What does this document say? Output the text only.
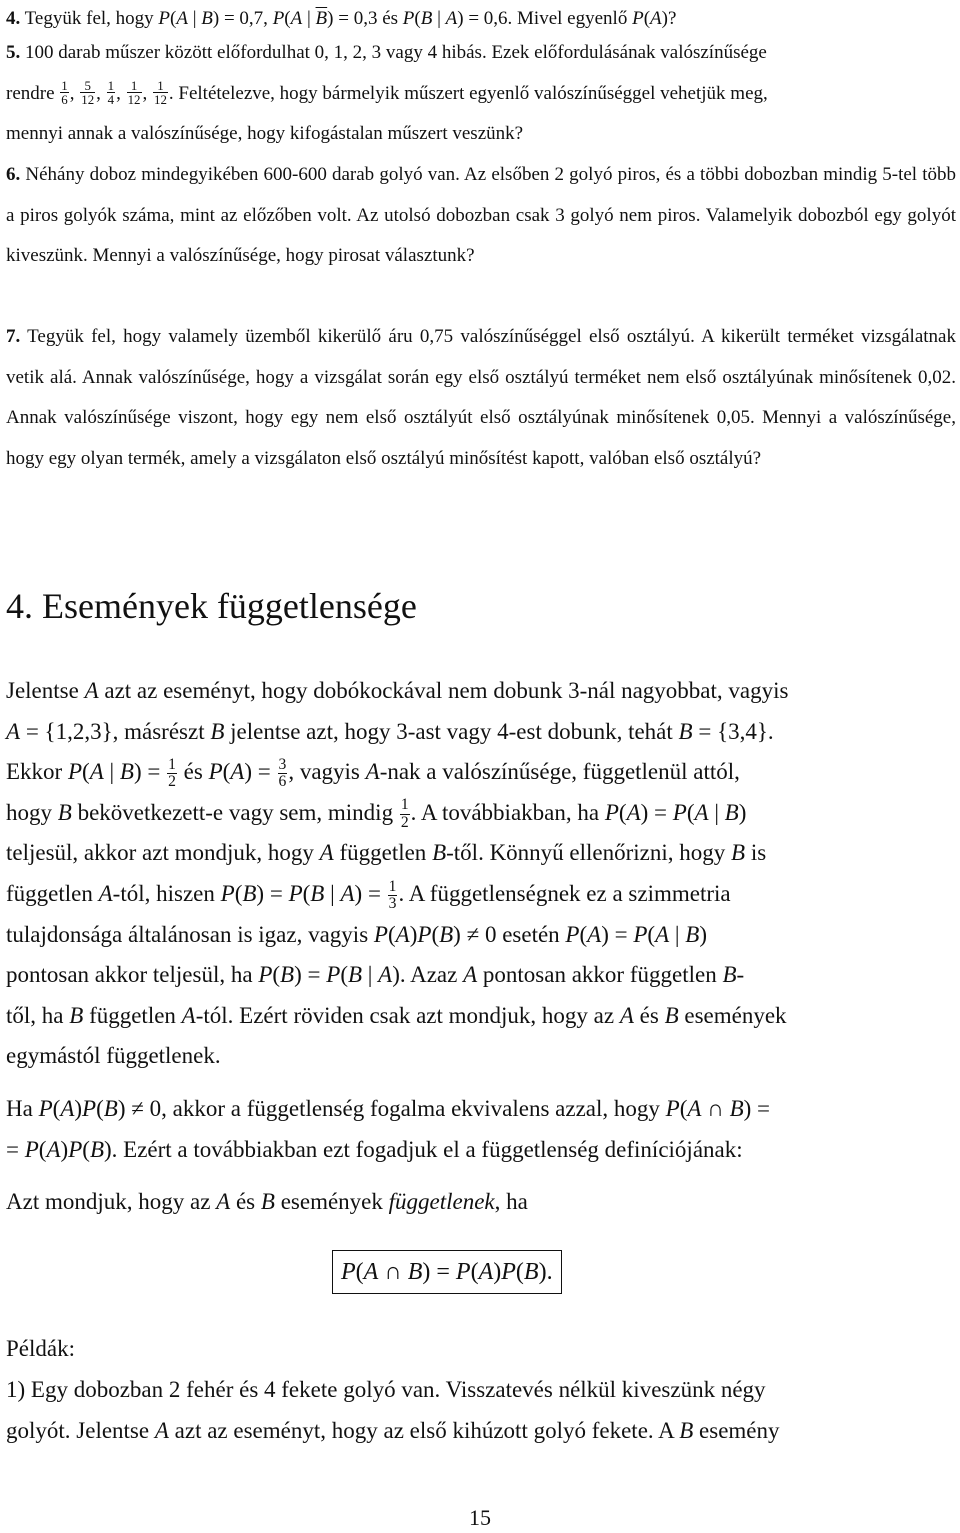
4. Tegyük fel, hogy P(A | B) = 0,7, P(A | $\overline{B}) = 0,3$ és P(B | A) = 0,6. Mivel egyenlő P(A)?

5. 100 darab műszer között előfordulhat 0, 1, 2, 3 vagy 4 hibás. Ezek előfordulásának valószínűsége

rendre $\frac{1}{6}$ , $\frac{5}{12}$ , $\frac{1}{4}$ , $\frac{1}{12}$ , $\frac{1}{12}$ . Feltételezve, hogy bármelyik műszert egyenlő valószínűséggel vehetjük meg,

mennyi annak a valószínűsége, hogy kifogástalan műszert veszünk?

6. Néhány doboz mindegyikében 600-600 darab golyó van. Az elsőben 2 golyó piros, és a többi dobozban mindig 5-tel több a piros golyók száma, mint az előzőben volt. Az utolsó dobozban csak 3 golyó nem piros. Valamelyik dobozból egy golyót kiveszünk. Mennyi a valószínűsége, hogy pirosat választunk?

7. Tegyük fel, hogy valamely üzemből kikerülő áru 0,75 valószínűséggel első osztályú. A kikerült terméket vizsgálatnak vetik alá. Annak valószínűsége, hogy a vizsgálat során egy első osztályú terméket nem első osztályúnak minősítenek 0,02. Annak valószínűsége viszont, hogy egy nem első osztályút első osztályúnak minősítenek 0,05. Mennyi a valószínűsége, hogy egy olyan termék, amely a vizsgálaton első osztályú minősítést kapott, valóban első osztályú?

4. Események függetlensége

Jelentse A azt az eseményt, hogy dobókockával nem dobunk 3-nál nagyobbat, vagyis

A = {1,2,3}, másrészt B jelentse azt, hogy 3-ast vagy 4-est dobunk, tehát B = {3,4}.

Ekkor P(A | $B) = \frac{1}{2}$ és $P(A) = \frac{3}{6}$ , vagyis A-nak a valószínűsége, függetlenül attól,

hogy B bekövetkezett-e vagy sem, mindig $\frac{1}{2}$ . A továbbiakban, ha P(A) = P(A | B)

teljesül, akkor azt mondjuk, hogy A független B-től. Könnyű ellenőrizni, hogy B is

független A-tól, hiszen P(B) = P(B | $A) = \frac{1}{3}$ . A függetlenségnek ez a szimmetria

tulajdonsága általánosan is igaz, vagyis P(A)P(B) ≠ 0 esetén P(A) = P(A | B)

pontosan akkor teljesül, ha P(B) = P(B | A). Azaz A pontosan akkor független B-

től, ha B független A-tól. Ezért röviden csak azt mondjuk, hogy az A és B események

egymástól függetlenek.

Ha P(A)P(B) ≠ 0, akkor a függetlenség fogalma ekvivalens azzal, hogy P(A ∩ B) =

= P(A)P(B). Ezért a továbbiakban ezt fogadjuk el a függetlenség definíciójának:

Azt mondjuk, hogy az A és B események függetlenek, ha

P(A ∩ B) = P(A)P(B).

Példák:

1) Egy dobozban 2 fehér és 4 fekete golyó van. Visszatevés nélkül kiveszünk négy

golyót. Jelentse A azt az eseményt, hogy az első kihúzott golyó fekete. A B esemény

15
